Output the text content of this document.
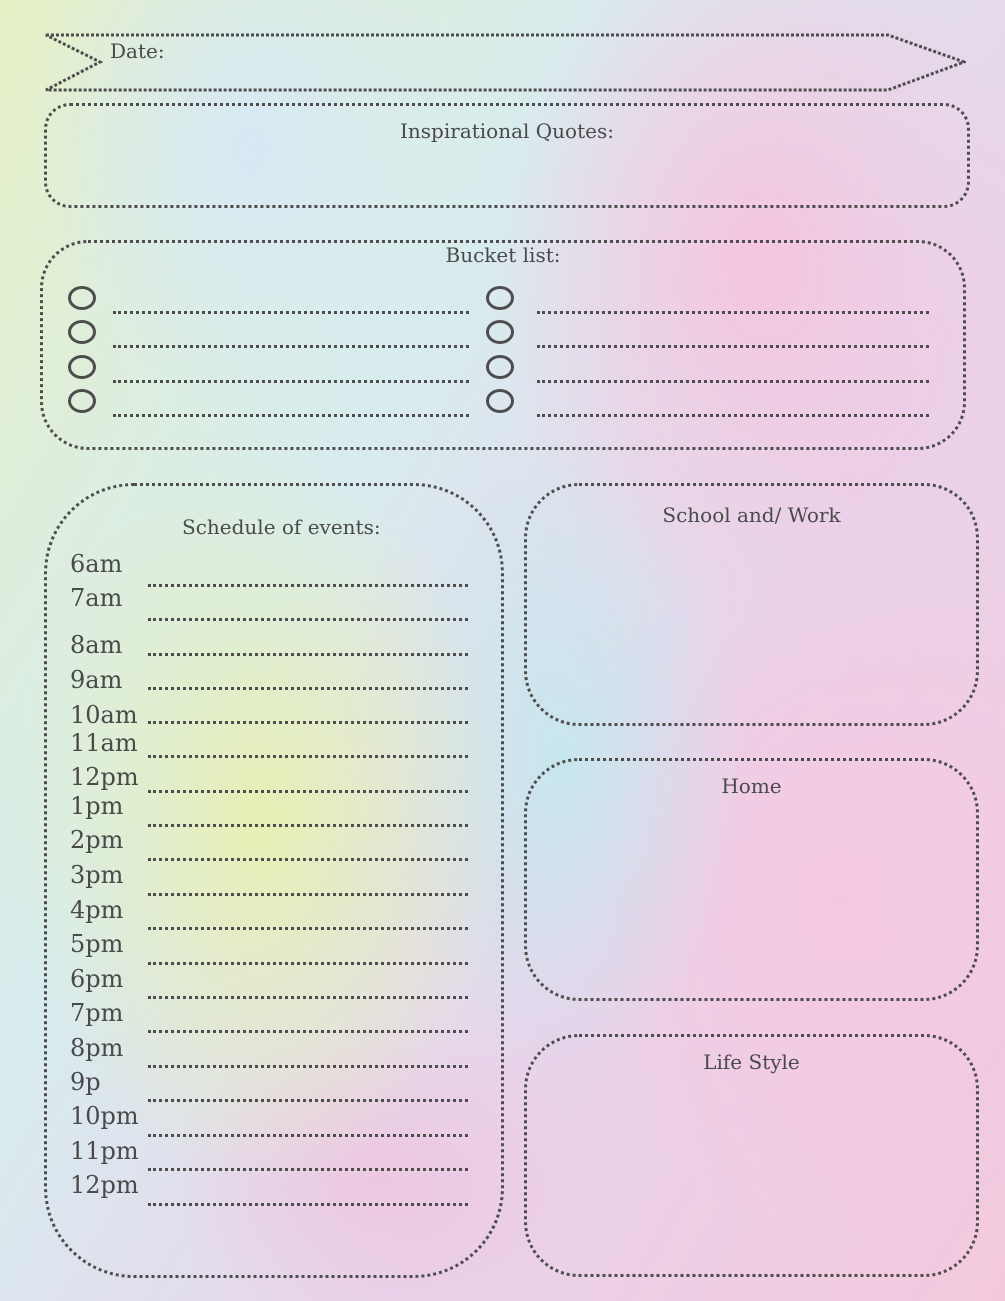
Date:
Inspirational Quotes:
Bucket list:
Schedule of events:
6am
7am
8am
9am
10am
11am
12pm
1pm
2pm
3pm
4pm
5pm
6pm
7pm
8pm
9p
10pm
11pm
12pm
School and/ Work
Home
Life Style
